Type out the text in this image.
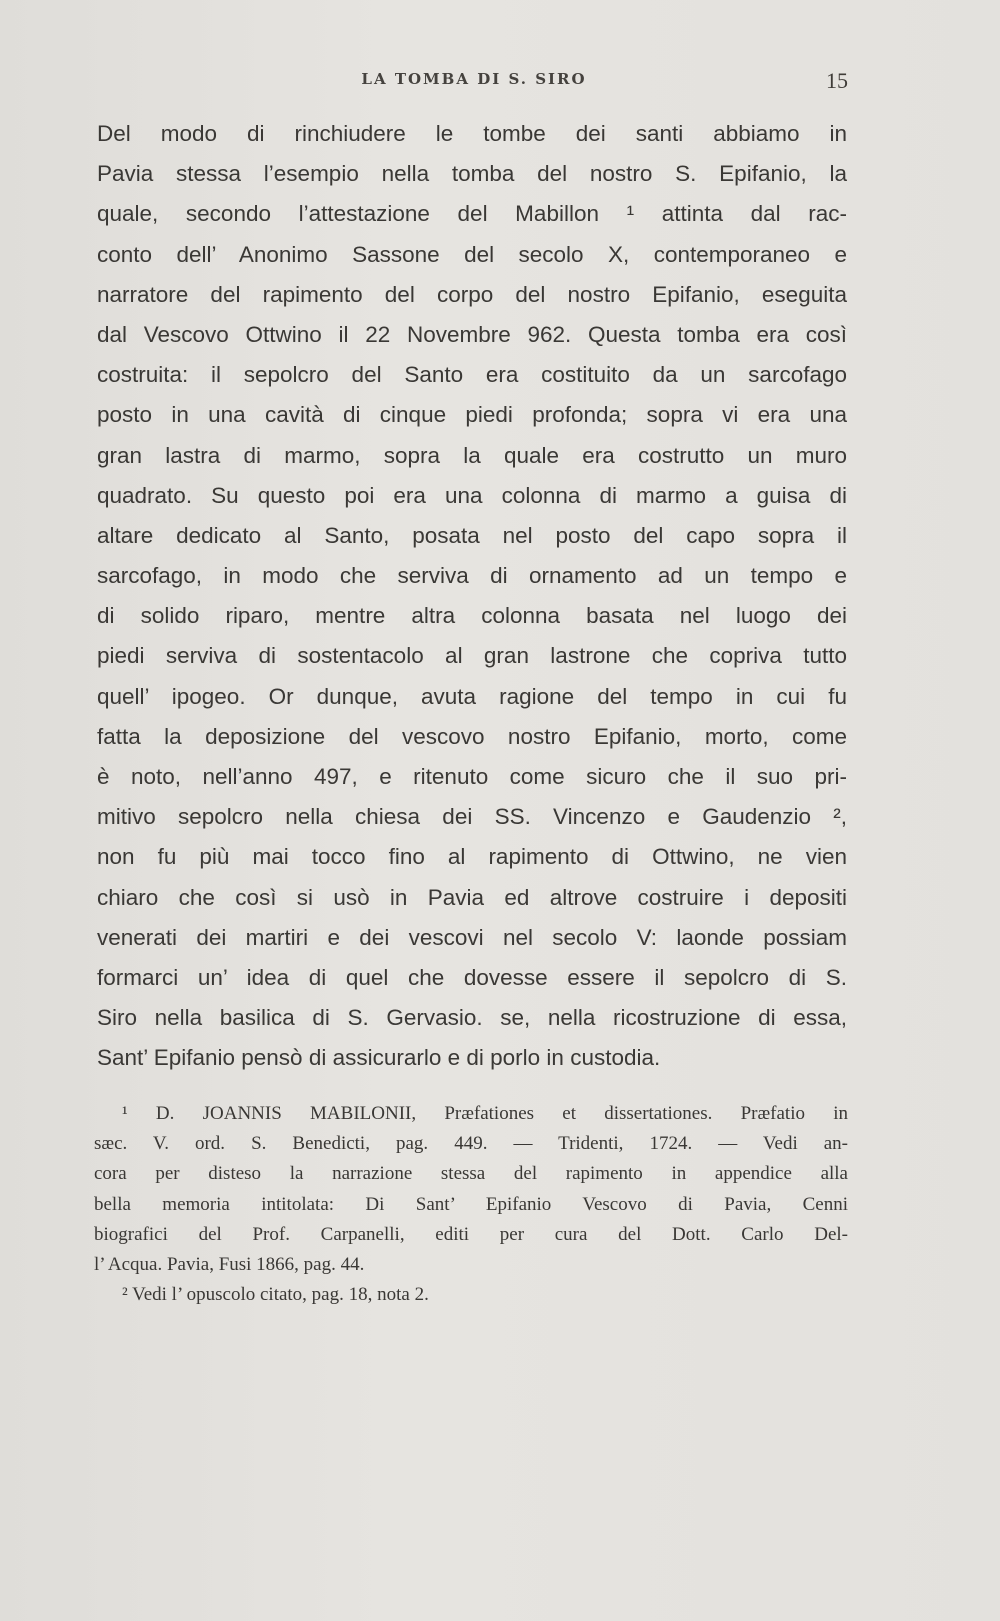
LA TOMBA DI S. SIRO	15
Del modo di rinchiudere le tombe dei santi abbiamo in
Pavia stessa l’esempio nella tomba del nostro S. Epifanio, la
quale, secondo l’attestazione del Mabillon ¹ attinta dal rac-
conto dell’ Anonimo Sassone del secolo X, contemporaneo e
narratore del rapimento del corpo del nostro Epifanio, eseguita
dal Vescovo Ottwino il 22 Novembre 962. Questa tomba era così
costruita: il sepolcro del Santo era costituito da un sarcofago
posto in una cavità di cinque piedi profonda; sopra vi era una
gran lastra di marmo, sopra la quale era costrutto un muro
quadrato. Su questo poi era una colonna di marmo a guisa di
altare dedicato al Santo, posata nel posto del capo sopra il
sarcofago, in modo che serviva di ornamento ad un tempo e
di solido riparo, mentre altra colonna basata nel luogo dei
piedi serviva di sostentacolo al gran lastrone che copriva tutto
quell’ ipogeo. Or dunque, avuta ragione del tempo in cui fu
fatta la deposizione del vescovo nostro Epifanio, morto, come
è noto, nell’anno 497, e ritenuto come sicuro che il suo pri-
mitivo sepolcro nella chiesa dei SS. Vincenzo e Gaudenzio ²,
non fu più mai tocco fino al rapimento di Ottwino, ne vien
chiaro che così si usò in Pavia ed altrove costruire i depositi
venerati dei martiri e dei vescovi nel secolo V: laonde possiam
formarci un’ idea di quel che dovesse essere il sepolcro di S.
Siro nella basilica di S. Gervasio. se, nella ricostruzione di essa,
Sant’ Epifanio pensò di assicurarlo e di porlo in custodia.
¹ D. JOANNIS MABILONII, Præfationes et dissertationes. Præfatio in
sæc. V. ord. S. Benedicti, pag. 449. — Tridenti, 1724. — Vedi an-
cora per disteso la narrazione stessa del rapimento in appendice alla
bella memoria intitolata: Di Sant’ Epifanio Vescovo di Pavia, Cenni
biografici del Prof. Carpanelli, editi per cura del Dott. Carlo Del-
l’ Acqua. Pavia, Fusi 1866, pag. 44.
² Vedi l’ opuscolo citato, pag. 18, nota 2.
